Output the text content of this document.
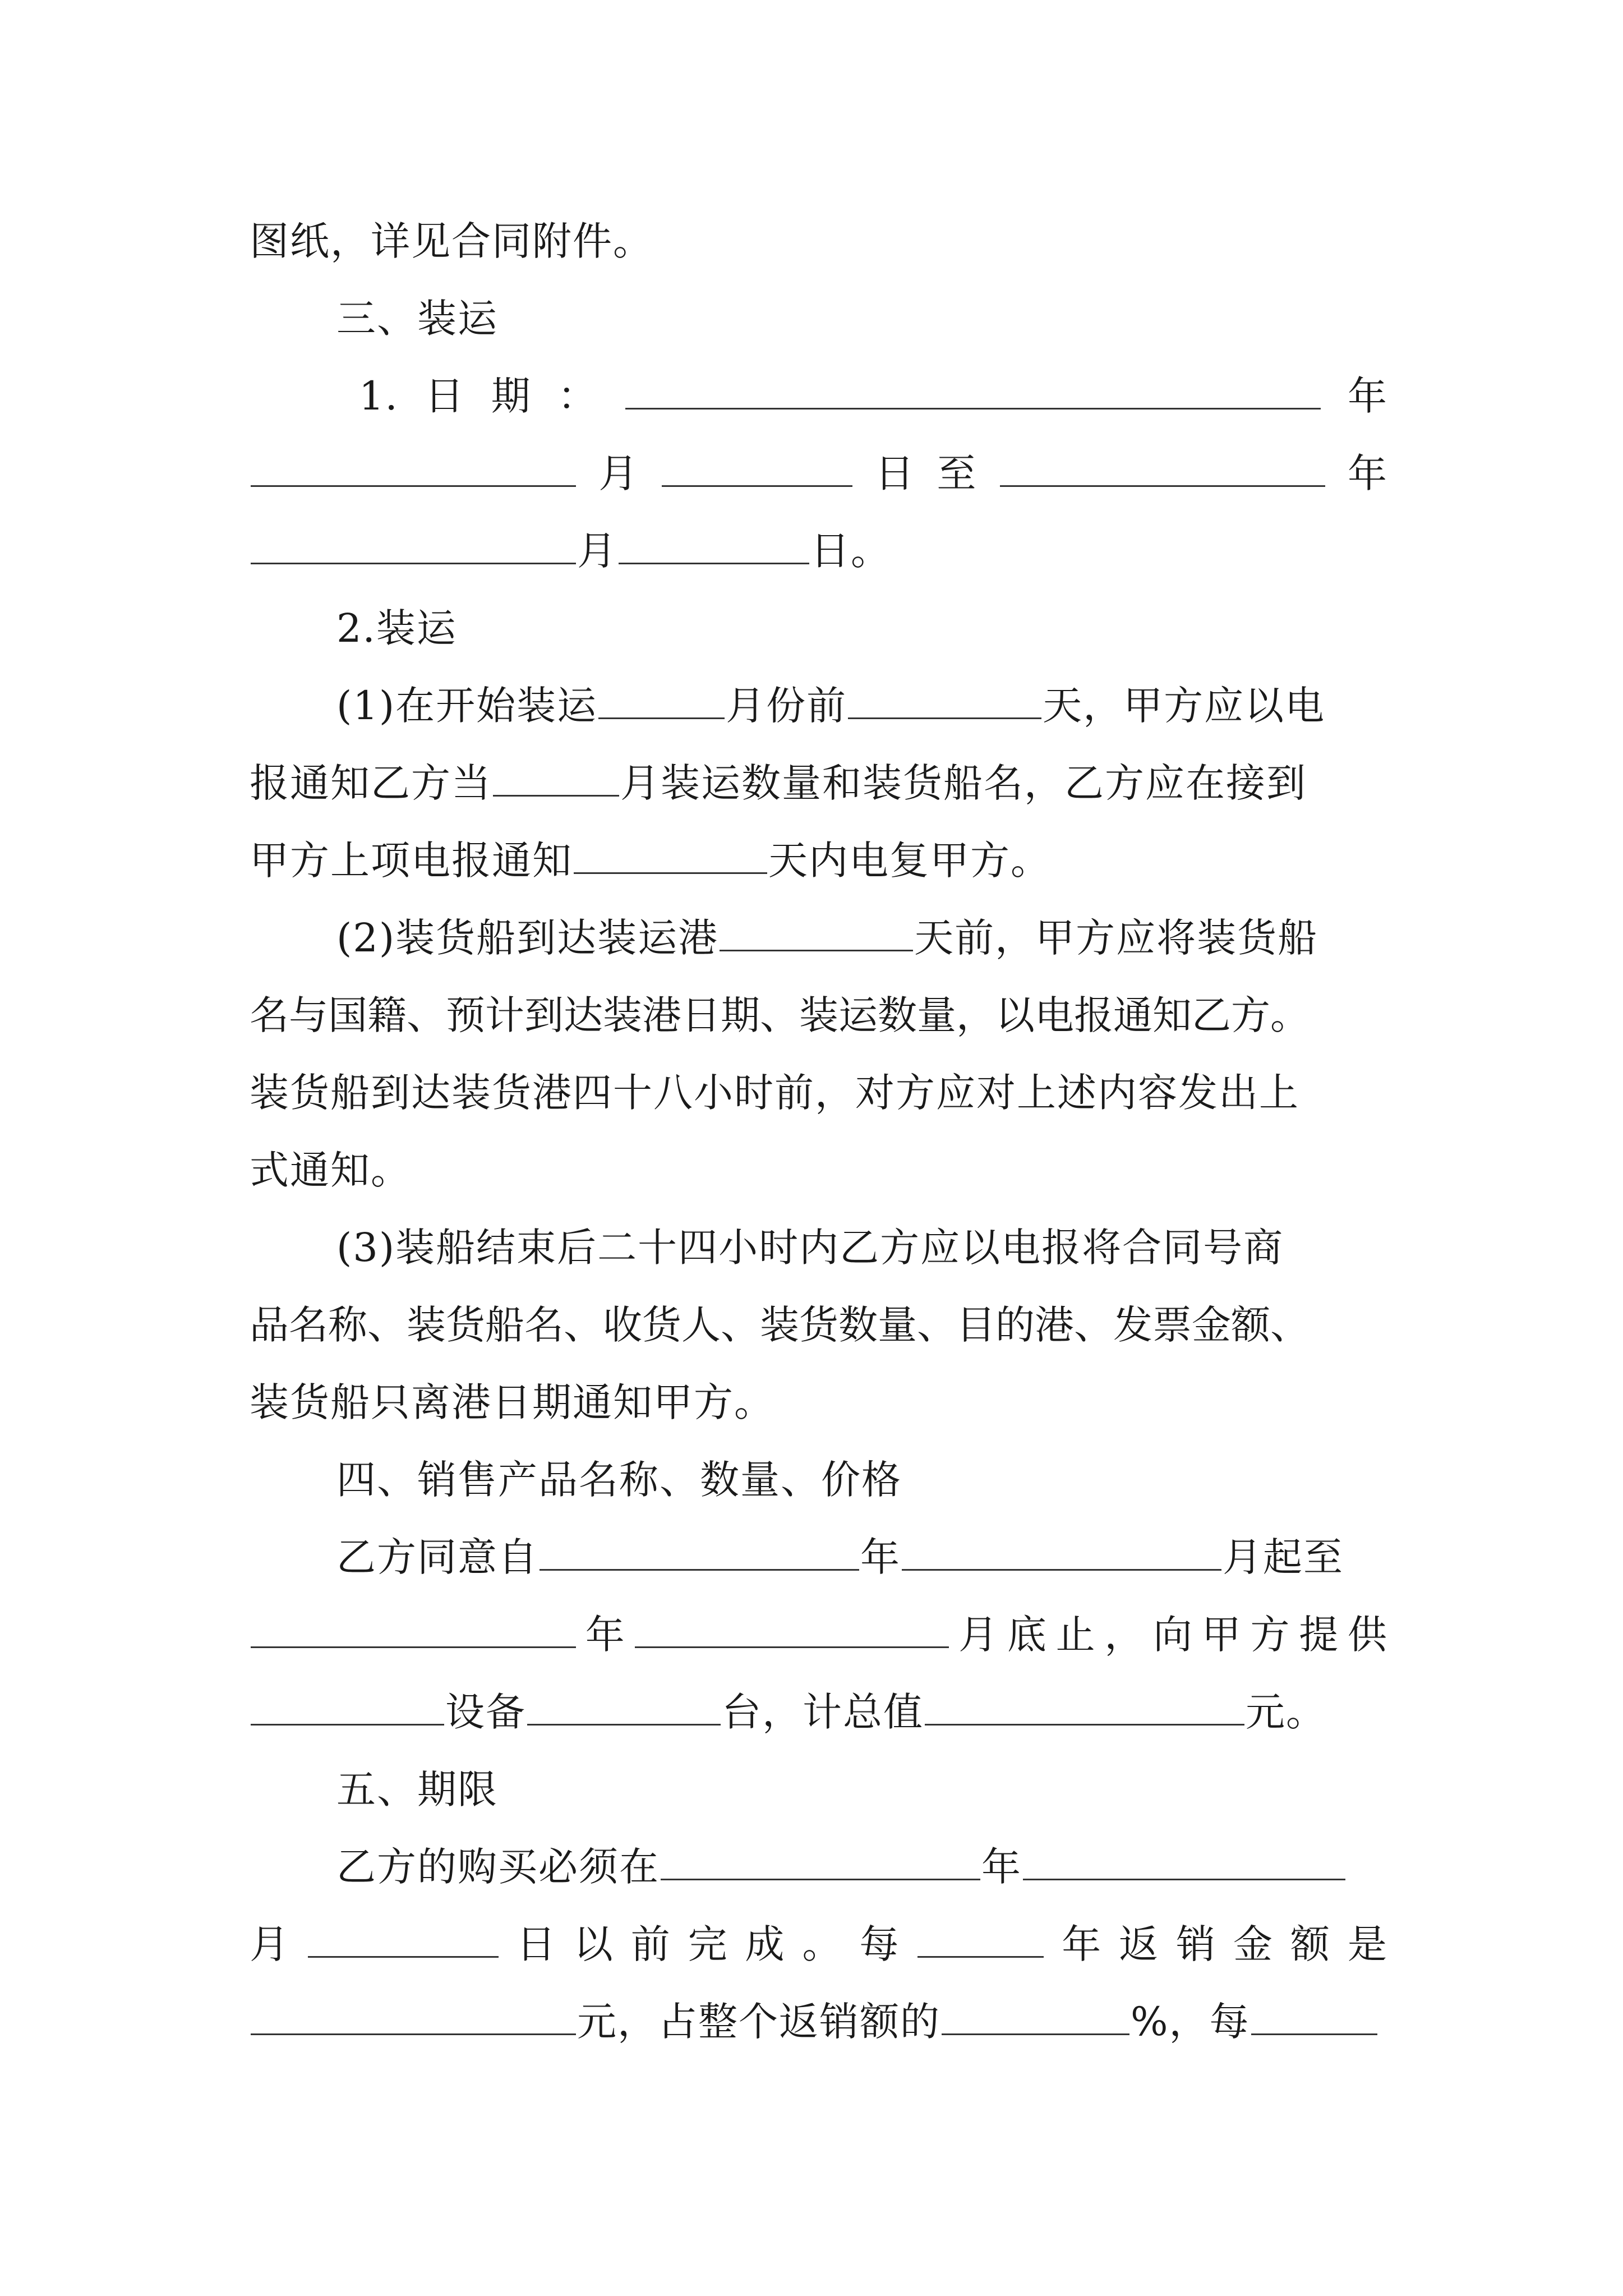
图纸，详见合同附件。
三、装运
1. 日 期 ：	年
月	日 至	年
月	日。
2.装运
(1)在开始装运	月份前	天，甲方应以电
报通知乙方当	月装运数量和装货船名，乙方应在接到
甲方上项电报通知	天内电复甲方。
(2)装货船到达装运港	天前，甲方应将装货船
名与国籍、预计到达装港日期、装运数量，以电报通知乙方。
装货船到达装货港四十八小时前，对方应对上述内容发出上
式通知。
(3)装船结束后二十四小时内乙方应以电报将合同号商
品名称、装货船名、收货人、装货数量、目的港、发票金额、
装货船只离港日期通知甲方。
四、销售产品名称、数量、价格
乙方同意自	年	月起至
年	月 底 止 ， 向 甲 方 提 供
设备	台，计总值	元。
五、期限
乙方的购买必须在	年
月	日 以 前 完 成 。 每	年 返 销 金 额 是
元，占整个返销额的	%，每
